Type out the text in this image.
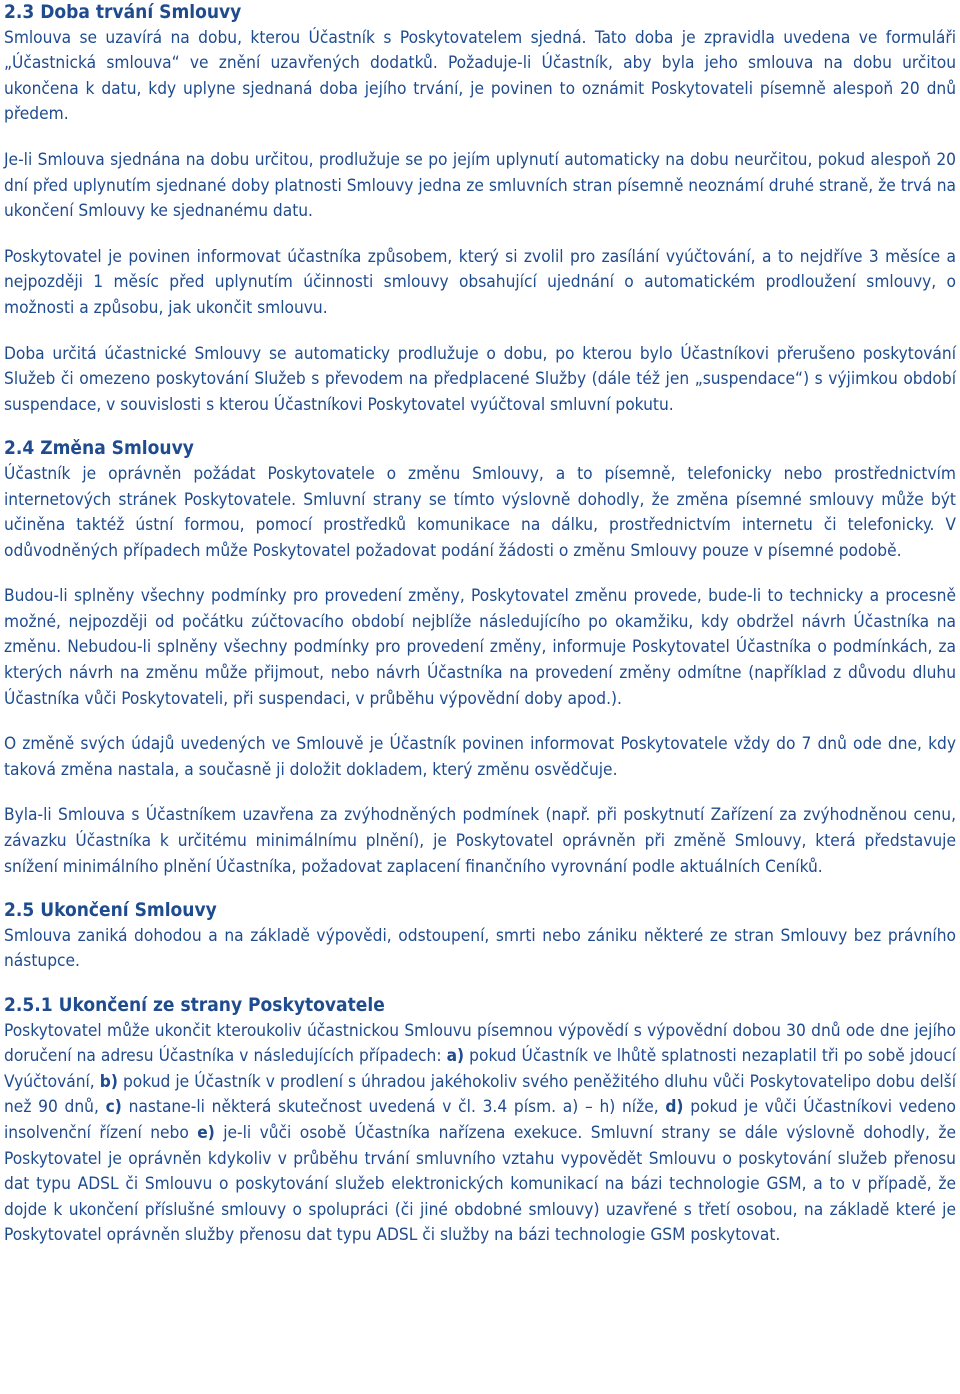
2.3 Doba trvání Smlouvy

Smlouva se uzavírá na dobu, kterou Účastník s Poskytovatelem sjedná. Tato doba je zpravidla uvedena ve formuláři „Účastnická smlouva“ ve znění uzavřených dodatků. Požaduje-li Účastník, aby byla jeho smlouva na dobu určitou ukončena k datu, kdy uplyne sjednaná doba jejího trvání, je povinen to oznámit Poskytovateli písemně alespoň 20 dnů předem.

Je-li Smlouva sjednána na dobu určitou, prodlužuje se po jejím uplynutí automaticky na dobu neurčitou, pokud alespoň 20 dní před uplynutím sjednané doby platnosti Smlouvy jedna ze smluvních stran písemně neoznámí druhé straně, že trvá na ukončení Smlouvy ke sjednanému datu.

Poskytovatel je povinen informovat účastníka způsobem, který si zvolil pro zasílání vyúčtování, a to nejdříve 3 měsíce a nejpozději 1 měsíc před uplynutím účinnosti smlouvy obsahující ujednání o automatickém prodloužení smlouvy, o možnosti a způsobu, jak ukončit smlouvu.

Doba určitá účastnické Smlouvy se automaticky prodlužuje o dobu, po kterou bylo Účastníkovi přerušeno poskytování Služeb či omezeno poskytování Služeb s převodem na předplacené Služby (dále též jen „suspendace“) s výjimkou období suspendace, v souvislosti s kterou Účastníkovi Poskytovatel vyúčtoval smluvní pokutu.

2.4 Změna Smlouvy

Účastník je oprávněn požádat Poskytovatele o změnu Smlouvy, a to písemně, telefonicky nebo prostřednictvím internetových stránek Poskytovatele. Smluvní strany se tímto výslovně dohodly, že změna písemné smlouvy může být učiněna taktéž ústní formou, pomocí prostředků komunikace na dálku, prostřednictvím internetu či telefonicky. V odůvodněných případech může Poskytovatel požadovat podání žádosti o změnu Smlouvy pouze v písemné podobě.

Budou-li splněny všechny podmínky pro provedení změny, Poskytovatel změnu provede, bude-li to technicky a procesně možné, nejpozději od počátku zúčtovacího období nejblíže následujícího po okamžiku, kdy obdržel návrh Účastníka na změnu. Nebudou-li splněny všechny podmínky pro provedení změny, informuje Poskytovatel Účastníka o podmínkách, za kterých návrh na změnu může přijmout, nebo návrh Účastníka na provedení změny odmítne (například z důvodu dluhu Účastníka vůči Poskytovateli, při suspendaci, v průběhu výpovědní doby apod.).

O změně svých údajů uvedených ve Smlouvě je Účastník povinen informovat Poskytovatele vždy do 7 dnů ode dne, kdy taková změna nastala, a současně ji doložit dokladem, který změnu osvědčuje.

Byla-li Smlouva s Účastníkem uzavřena za zvýhodněných podmínek (např. při poskytnutí Zařízení za zvýhodněnou cenu, závazku Účastníka k určitému minimálnímu plnění), je Poskytovatel oprávněn při změně Smlouvy, která představuje snížení minimálního plnění Účastníka, požadovat zaplacení finančního vyrovnání podle aktuálních Ceníků.

2.5 Ukončení Smlouvy

Smlouva zaniká dohodou a na základě výpovědi, odstoupení, smrti nebo zániku některé ze stran Smlouvy bez právního nástupce.

2.5.1 Ukončení ze strany Poskytovatele

Poskytovatel může ukončit kteroukoliv účastnickou Smlouvu písemnou výpovědí s výpovědní dobou 30 dnů ode dne jejího doručení na adresu Účastníka v následujících případech: a) pokud Účastník ve lhůtě splatnosti nezaplatil tři po sobě jdoucí Vyúčtování, b) pokud je Účastník v prodlení s úhradou jakéhokoliv svého peněžitého dluhu vůči Poskytovatelipo dobu delší než 90 dnů, c) nastane-li některá skutečnost uvedená v čl. 3.4 písm. a) – h) níže, d) pokud je vůči Účastníkovi vedeno insolvenční řízení nebo e) je-li vůči osobě Účastníka nařízena exekuce. Smluvní strany se dále výslovně dohodly, že Poskytovatel je oprávněn kdykoliv v průběhu trvání smluvního vztahu vypovědět Smlouvu o poskytování služeb přenosu dat typu ADSL či Smlouvu o poskytování služeb elektronických komunikací na bázi technologie GSM, a to v případě, že dojde k ukončení příslušné smlouvy o spolupráci (či jiné obdobné smlouvy) uzavřené s třetí osobou, na základě které je Poskytovatel oprávněn služby přenosu dat typu ADSL či služby na bázi technologie GSM poskytovat.
